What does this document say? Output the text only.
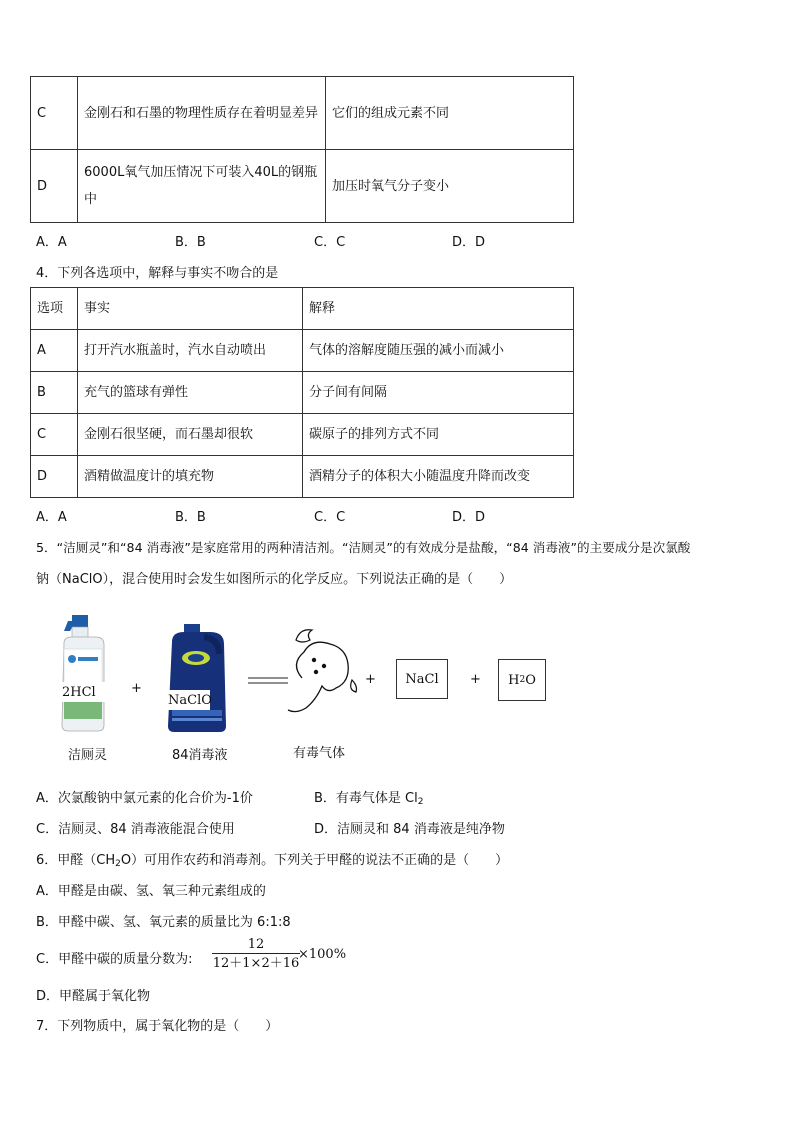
C	金刚石和石墨的物理性质存在着明显差异	它们的组成元素不同
D	6000L氧气加压情况下可装入40L的钢瓶中	加压时氧气分子变小
A．A	B．B	C．C	D．D
4．下列各选项中，解释与事实不吻合的是
选项	事实	解释
A	打开汽水瓶盖时，汽水自动喷出	气体的溶解度随压强的减小而减小
B	充气的篮球有弹性	分子间有间隔
C	金刚石很坚硬，而石墨却很软	碳原子的排列方式不同
D	酒精做温度计的填充物	酒精分子的体积大小随温度升降而改变
A．A	B．B	C．C	D．D
5．“洁厕灵”和“84 消毒液”是家庭常用的两种清洁剂。“洁厕灵”的有效成分是盐酸，“84 消毒液”的主要成分是次氯酸
钠（NaClO），混合使用时会发生如图所示的化学反应。下列说法正确的是（　　）
2HCl
洁厕灵
+
NaClO
84消毒液	有毒气体
+	NaCl	+ H 2 O
A．次氯酸钠中氯元素的化合价为-1价	B．有毒气体是 $Cl_2$
C．洁厕灵、84 消毒液能混合使用	D．洁厕灵和 84 消毒液是纯净物
6．甲醛$(CH_2O)$可用作农药和消毒剂。下列关于甲醛的说法不正确的是（　　）
A．甲醛是由碳、氢、氧三种元素组成的
B．甲醛中碳、氢、氧元素的质量比为 6:1:8
C．甲醛中碳的质量分数为:
12
12＋1×2＋16
×100%
D．甲醛属于氧化物
7．下列物质中，属于氧化物的是（　　）
